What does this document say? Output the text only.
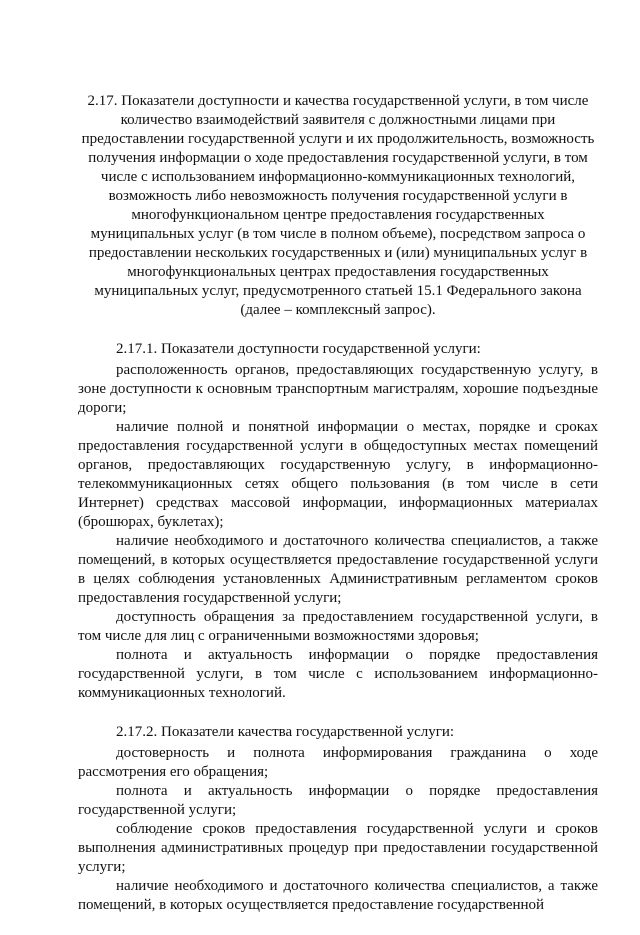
2.17. Показатели доступности и качества государственной услуги, в том числе
количество взаимодействий заявителя с должностными лицами при
предоставлении государственной услуги и их продолжительность, возможность
получения информации о ходе предоставления государственной услуги, в том
числе с использованием информационно-коммуникационных технологий,
возможность либо невозможность получения государственной услуги в
многофункциональном центре предоставления государственных
муниципальных услуг (в том числе в полном объеме), посредством запроса о
предоставлении нескольких государственных и (или) муниципальных услуг в
многофункциональных центрах предоставления государственных
муниципальных услуг, предусмотренного статьей 15.1 Федерального закона
(далее – комплексный запрос).

2.17.1. Показатели доступности государственной услуги:

расположенность органов, предоставляющих государственную услугу, в зоне доступности к основным транспортным магистралям, хорошие подъездные дороги;

наличие полной и понятной информации о местах, порядке и сроках предоставления государственной услуги в общедоступных местах помещений органов, предоставляющих государственную услугу, в информационно-телекоммуникационных сетях общего пользования (в том числе в сети Интернет) средствах массовой информации, информационных материалах (брошюрах, буклетах);

наличие необходимого и достаточного количества специалистов, а также помещений, в которых осуществляется предоставление государственной услуги в целях соблюдения установленных Административным регламентом сроков предоставления государственной услуги;

доступность обращения за предоставлением государственной услуги, в том числе для лиц с ограниченными возможностями здоровья;

полнота и актуальность информации о порядке предоставления государственной услуги, в том числе с использованием информационно-коммуникационных технологий.

2.17.2. Показатели качества государственной услуги:

достоверность и полнота информирования гражданина о ходе рассмотрения его обращения;

полнота и актуальность информации о порядке предоставления государственной услуги;

соблюдение сроков предоставления государственной услуги и сроков выполнения административных процедур при предоставлении государственной услуги;

наличие необходимого и достаточного количества специалистов, а также помещений, в которых осуществляется предоставление государственной
